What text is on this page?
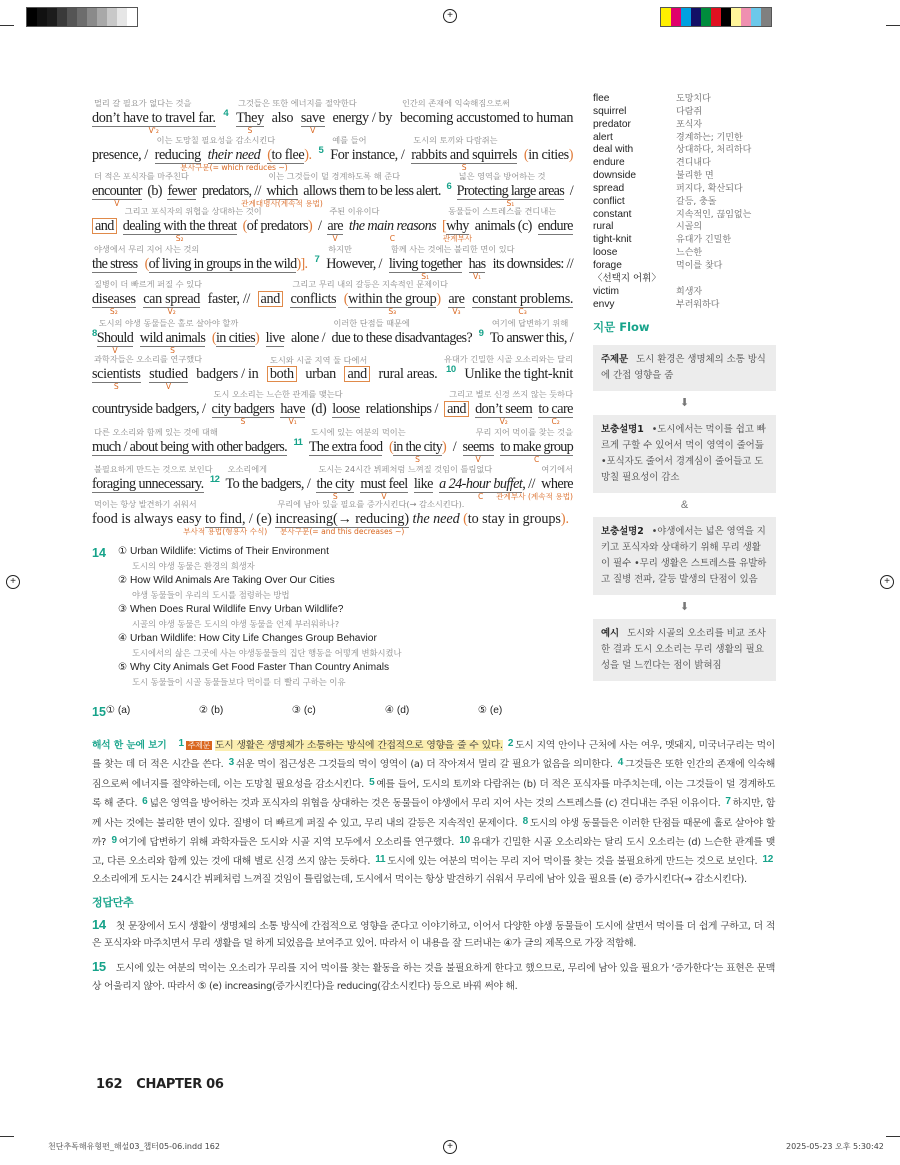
+
+	+
+
멀리 갈 필요가 없다는 것을
don’t have to travel far.
V'₂
4
그것들은 또한 에너지를 절약한다
They
S
also save
V
energy / by
인간의 존재에 익숙해짐으로써
becoming accustomed to human
presence, /
이는 도망칠 필요성을 감소시킨다
reducing their need
분사구문(= which reduces ~)
(to flee). 5
예를 들어
For instance, /
도시의 토끼와 다람쥐는
rabbits and squirrels
S
(in cities)
더 적은 포식자를 마주친다
encounter
V
(b) fewer predators, //
이는 그것들이 덜 경계하도록 해 준다
which
관계대명사(계속적 용법)
allows them to be less alert. 6
넓은 영역을 방어하는 것
Protecting large areas
S₁
/
and
그리고 포식자의 위협을 상대하는 것이
dealing with the threat
S₂
(of predators) /
주된 이유이다
are
V
the main reasons
C
[
동물들이 스트레스를 견디내는
why
관계부사
animals (c) endure
야생에서 무리 지어 사는 것의
the stress (of living in groups in the wild)]. 7
하지만
However, /
함께 사는 것에는 불리한 면이 있다
living together
S₁
has
V₁
its downsides: //
질병이 더 빠르게 퍼질 수 있다
diseases
S₂
can spread
V₂
faster, // and
그리고 무리 내의 갈등은 지속적인 문제이다
conflicts (within the group
S₃
) are
V₃
constant problems.
C₃
8
도시의 야생 동물들은 홀로 살아야 할까
Should
V
wild animals
S
(in cities) live alone /
이러한 단점들 때문에
due to these disadvantages? 9
여기에 답변하기 위해
To answer this, /
과학자들은 오소리를 연구했다
scientists
S
studied
V
badgers / in
도시와 시골 지역 둘 다에서
both urban and rural areas. 10
유대가 긴밀한 시골 오소리와는 달리
Unlike the tight-knit
countryside badgers, /
도시 오소리는 느슨한 관계를 맺는다
city badgers
S
have
V₁
(d) loose relationships / and
그리고 별로 신경 쓰지 않는 듯하다
don’t seem
V₂
to care
C₂
다른 오소리와 함께 있는 것에 대해
much / about being with other badgers. 11
도시에 있는 여분의 먹이는
The extra food (in the city
S
) / seems
V

무리 지어 먹이를 찾는 것을
to make group
C
불필요하게 만드는 것으로 보인다
foraging unnecessary. 12
오소리에게
To the badgers, /
도시는 24시간 뷔페처럼 느껴질 것임이 틀림없다
the city
S
must feel
V
like a 24-hour buffet
C
, //
여기에서
where
관계부사 (계속적 용법)
먹이는 항상 발견하기 쉬워서
food is always easy to find,
부사적 용법(형용사 수식)
/ (e)
무리에 남아 있을 필요를 증가시킨다(→ 감소시킨다).
increasing(→ reducing)
분사구문(= and this decreases ~)
the need (to stay in groups).
flee	도망치다
squirrel	다람쥐
predator	포식자
alert	경계하는; 기민한
deal with	상대하다, 처리하다
endure	견디내다
downside	불리한 면
spread	퍼지다, 확산되다
conflict	갈등, 충돌
constant	지속적인, 끊임없는
rural	시골의
tight-knit	유대가 긴밀한
loose	느슨한
forage	먹이를 찾다
〈선택지 어휘〉
victim	희생자
envy	부러워하다
지문 Flow
주제문 도시 환경은 생명체의 소통 방식에 간접 영향을 줌
⬇
보충설명1 •도시에서는 먹이를 쉽고 빠르게 구할 수 있어서 먹이 영역이 줄어듦 •포식자도 줄어서 경계심이 줄어들고 도망칠 필요성이 감소
&
보충설명2 •야생에서는 넓은 영역을 지키고 포식자와 상대하기 위해 무리 생활이 필수 •무리 생활은 스트레스를 유발하고 질병 전파, 갈등 발생의 단점이 있음
⬇
예시 도시와 시골의 오소리를 비교 조사한 결과 도시 오소리는 무리 생활의 필요성을 덜 느낀다는 점이 밝혀짐
14 ① Urban Wildlife: Victims of Their Environment
도시의 야생 동물은 환경의 희생자
② How Wild Animals Are Taking Over Our Cities
야생 동물들이 우리의 도시를 점령하는 방법
③ When Does Rural Wildlife Envy Urban Wildlife?
시골의 야생 동물은 도시의 야생 동물을 언제 부러워하나?
④ Urban Wildlife: How City Life Changes Group Behavior
도시에서의 삶은 그곳에 사는 야생동물들의 집단 행동을 어떻게 변화시켰나
⑤ Why City Animals Get Food Faster Than Country Animals
도시 동물들이 시골 동물들보다 먹이를 더 빨리 구하는 이유
15 ① (a)	② (b)	③ (c)	④ (d)	⑤ (e)
해석 한 눈에 보기 1 주제문 도시 생활은 생명체가 소통하는 방식에 간접적으로 영향을 줄 수 있다. 2 도시 지역 안이나 근처에 사는 여우, 멧돼지, 미국너구리는 먹이를 찾는 데 더 적은 시간을 쓴다. 3 쉬운 먹이 접근성은 그것들의 먹이 영역이 (a) 더 작아져서 멀리 갈 필요가 없음을 의미한다. 4 그것들은 또한 인간의 존재에 익숙해짐으로써 에너지를 절약하는데, 이는 도망칠 필요성을 감소시킨다. 5 예를 들어, 도시의 토끼와 다람쥐는 (b) 더 적은 포식자를 마주치는데, 이는 그것들이 덜 경계하도록 해 준다. 6 넓은 영역을 방어하는 것과 포식자의 위협을 상대하는 것은 동물들이 야생에서 무리 지어 사는 것의 스트레스를 (c) 견디내는 주된 이유이다. 7 하지만, 함께 사는 것에는 불리한 면이 있다. 질병이 더 빠르게 퍼질 수 있고, 무리 내의 갈등은 지속적인 문제이다. 8 도시의 야생 동물들은 이러한 단점들 때문에 홀로 살아야 할까? 9 여기에 답변하기 위해 과학자들은 도시와 시골 지역 모두에서 오소리를 연구했다. 10 유대가 긴밀한 시골 오소리와는 달리 도시 오소리는 (d) 느슨한 관계를 맺고, 다른 오소리와 함께 있는 것에 대해 별로 신경 쓰지 않는 듯하다. 11 도시에 있는 여분의 먹이는 무리 지어 먹이를 찾는 것을 불필요하게 만드는 것으로 보인다. 12오소리에게 도시는 24시간 뷔페처럼 느껴질 것임이 틀림없는데, 도시에서 먹이는 항상 발견하기 쉬워서 무리에 남아 있을 필요를 (e) 증가시킨다(→ 감소시킨다).
정답단추
14 첫 문장에서 도시 생활이 생명체의 소통 방식에 간접적으로 영향을 준다고 이야기하고, 이어서 다양한 야생 동물들이 도시에 살면서 먹이를 더 쉽게 구하고, 더 적은 포식자와 마주치면서 무리 생활을 덜 하게 되었음을 보여주고 있어. 따라서 이 내용을 잘 드러내는 ④가 글의 제목으로 가장 적합해.
15 도시에 있는 여분의 먹이는 오소리가 무리를 지어 먹이를 찾는 활동을 하는 것을 불필요하게 한다고 했으므로, 무리에 남아 있을 필요가 ‘증가한다’는 표현은 문맥상 어울리지 않아. 따라서 ⑤ (e) increasing(증가시킨다)을 reducing(감소시킨다) 등으로 바꿔 써야 해.
162 CHAPTER 06
천단추독해유형편_해설03_챕터05-06.indd 162	2025-05-23 오후 5:30:42
